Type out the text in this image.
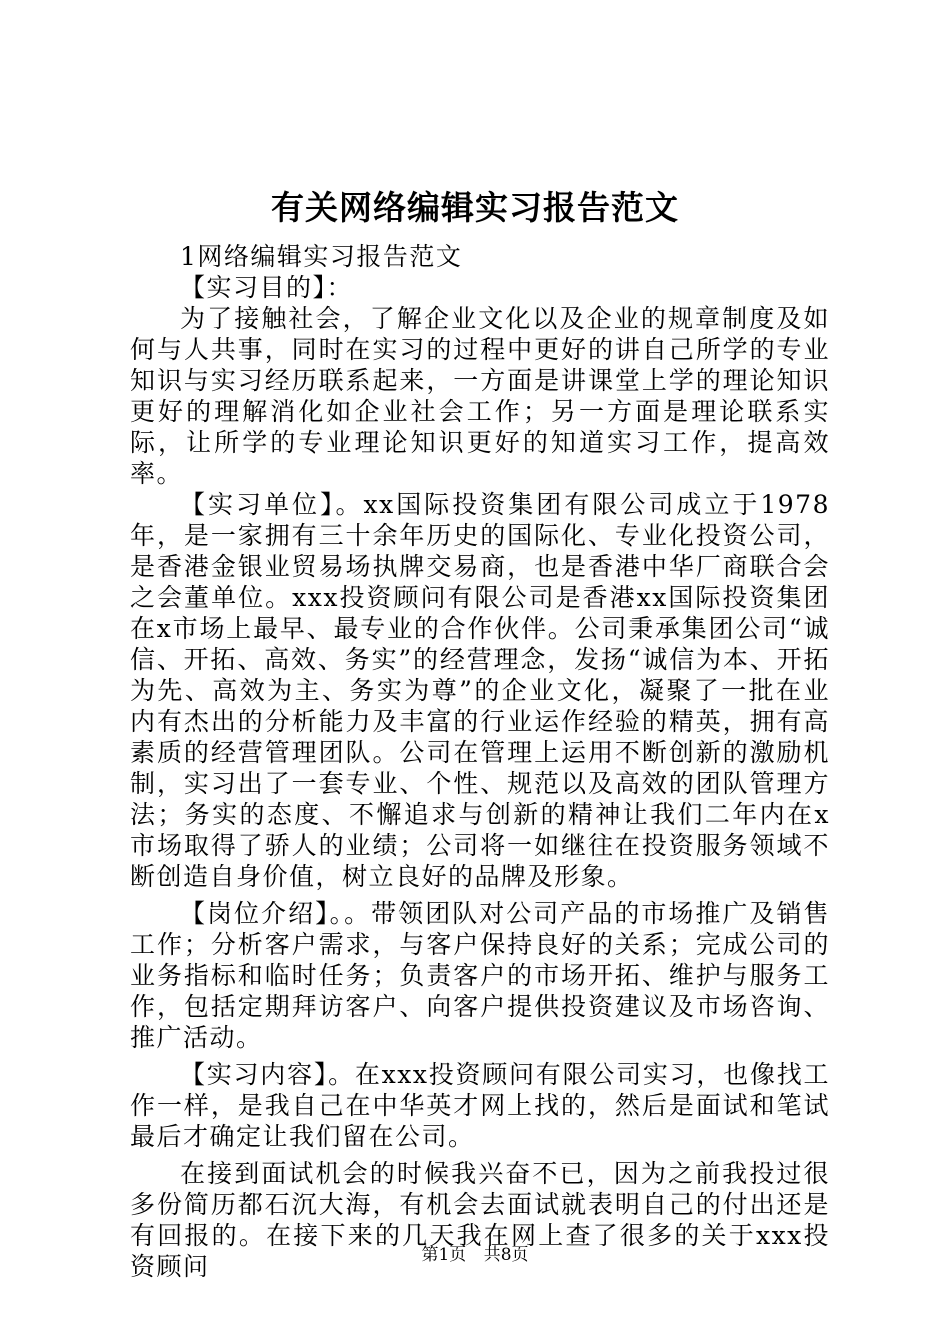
有关网络编辑实习报告范文

1网络编辑实习报告范文

【实习目的】：

为了接触社会，了解企业文化以及企业的规章制度及如何与人共事，同时在实习的过程中更好的讲自己所学的专业知识与实习经历联系起来，一方面是讲课堂上学的理论知识更好的理解消化如企业社会工作；另一方面是理论联系实际，让所学的专业理论知识更好的知道实习工作，提高效率。

【实习单位】。xx国际投资集团有限公司成立于1978年，是一家拥有三十余年历史的国际化、专业化投资公司，是香港金银业贸易场执牌交易商，也是香港中华厂商联合会之会董单位。xxx投资顾问有限公司是香港xx国际投资集团在x市场上最早、最专业的合作伙伴。公司秉承集团公司“诚信、开拓、高效、务实”的经营理念，发扬“诚信为本、开拓为先、高效为主、务实为尊”的企业文化，凝聚了一批在业内有杰出的分析能力及丰富的行业运作经验的精英，拥有高素质的经营管理团队。公司在管理上运用不断创新的激励机制，实习出了一套专业、个性、规范以及高效的团队管理方法；务实的态度、不懈追求与创新的精神让我们二年内在x市场取得了骄人的业绩；公司将一如继往在投资服务领域不断创造自身价值，树立良好的品牌及形象。

【岗位介绍】。。带领团队对公司产品的市场推广及销售工作；分析客户需求，与客户保持良好的关系；完成公司的业务指标和临时任务；负责客户的市场开拓、维护与服务工作，包括定期拜访客户、向客户提供投资建议及市场咨询、推广活动。

【实习内容】。在xxx投资顾问有限公司实习，也像找工作一样，是我自己在中华英才网上找的，然后是面试和笔试最后才确定让我们留在公司。

在接到面试机会的时候我兴奋不已，因为之前我投过很多份简历都石沉大海，有机会去面试就表明自己的付出还是有回报的。在接下来的几天我在网上查了很多的关于xxx投资顾问	第1页 共8页
